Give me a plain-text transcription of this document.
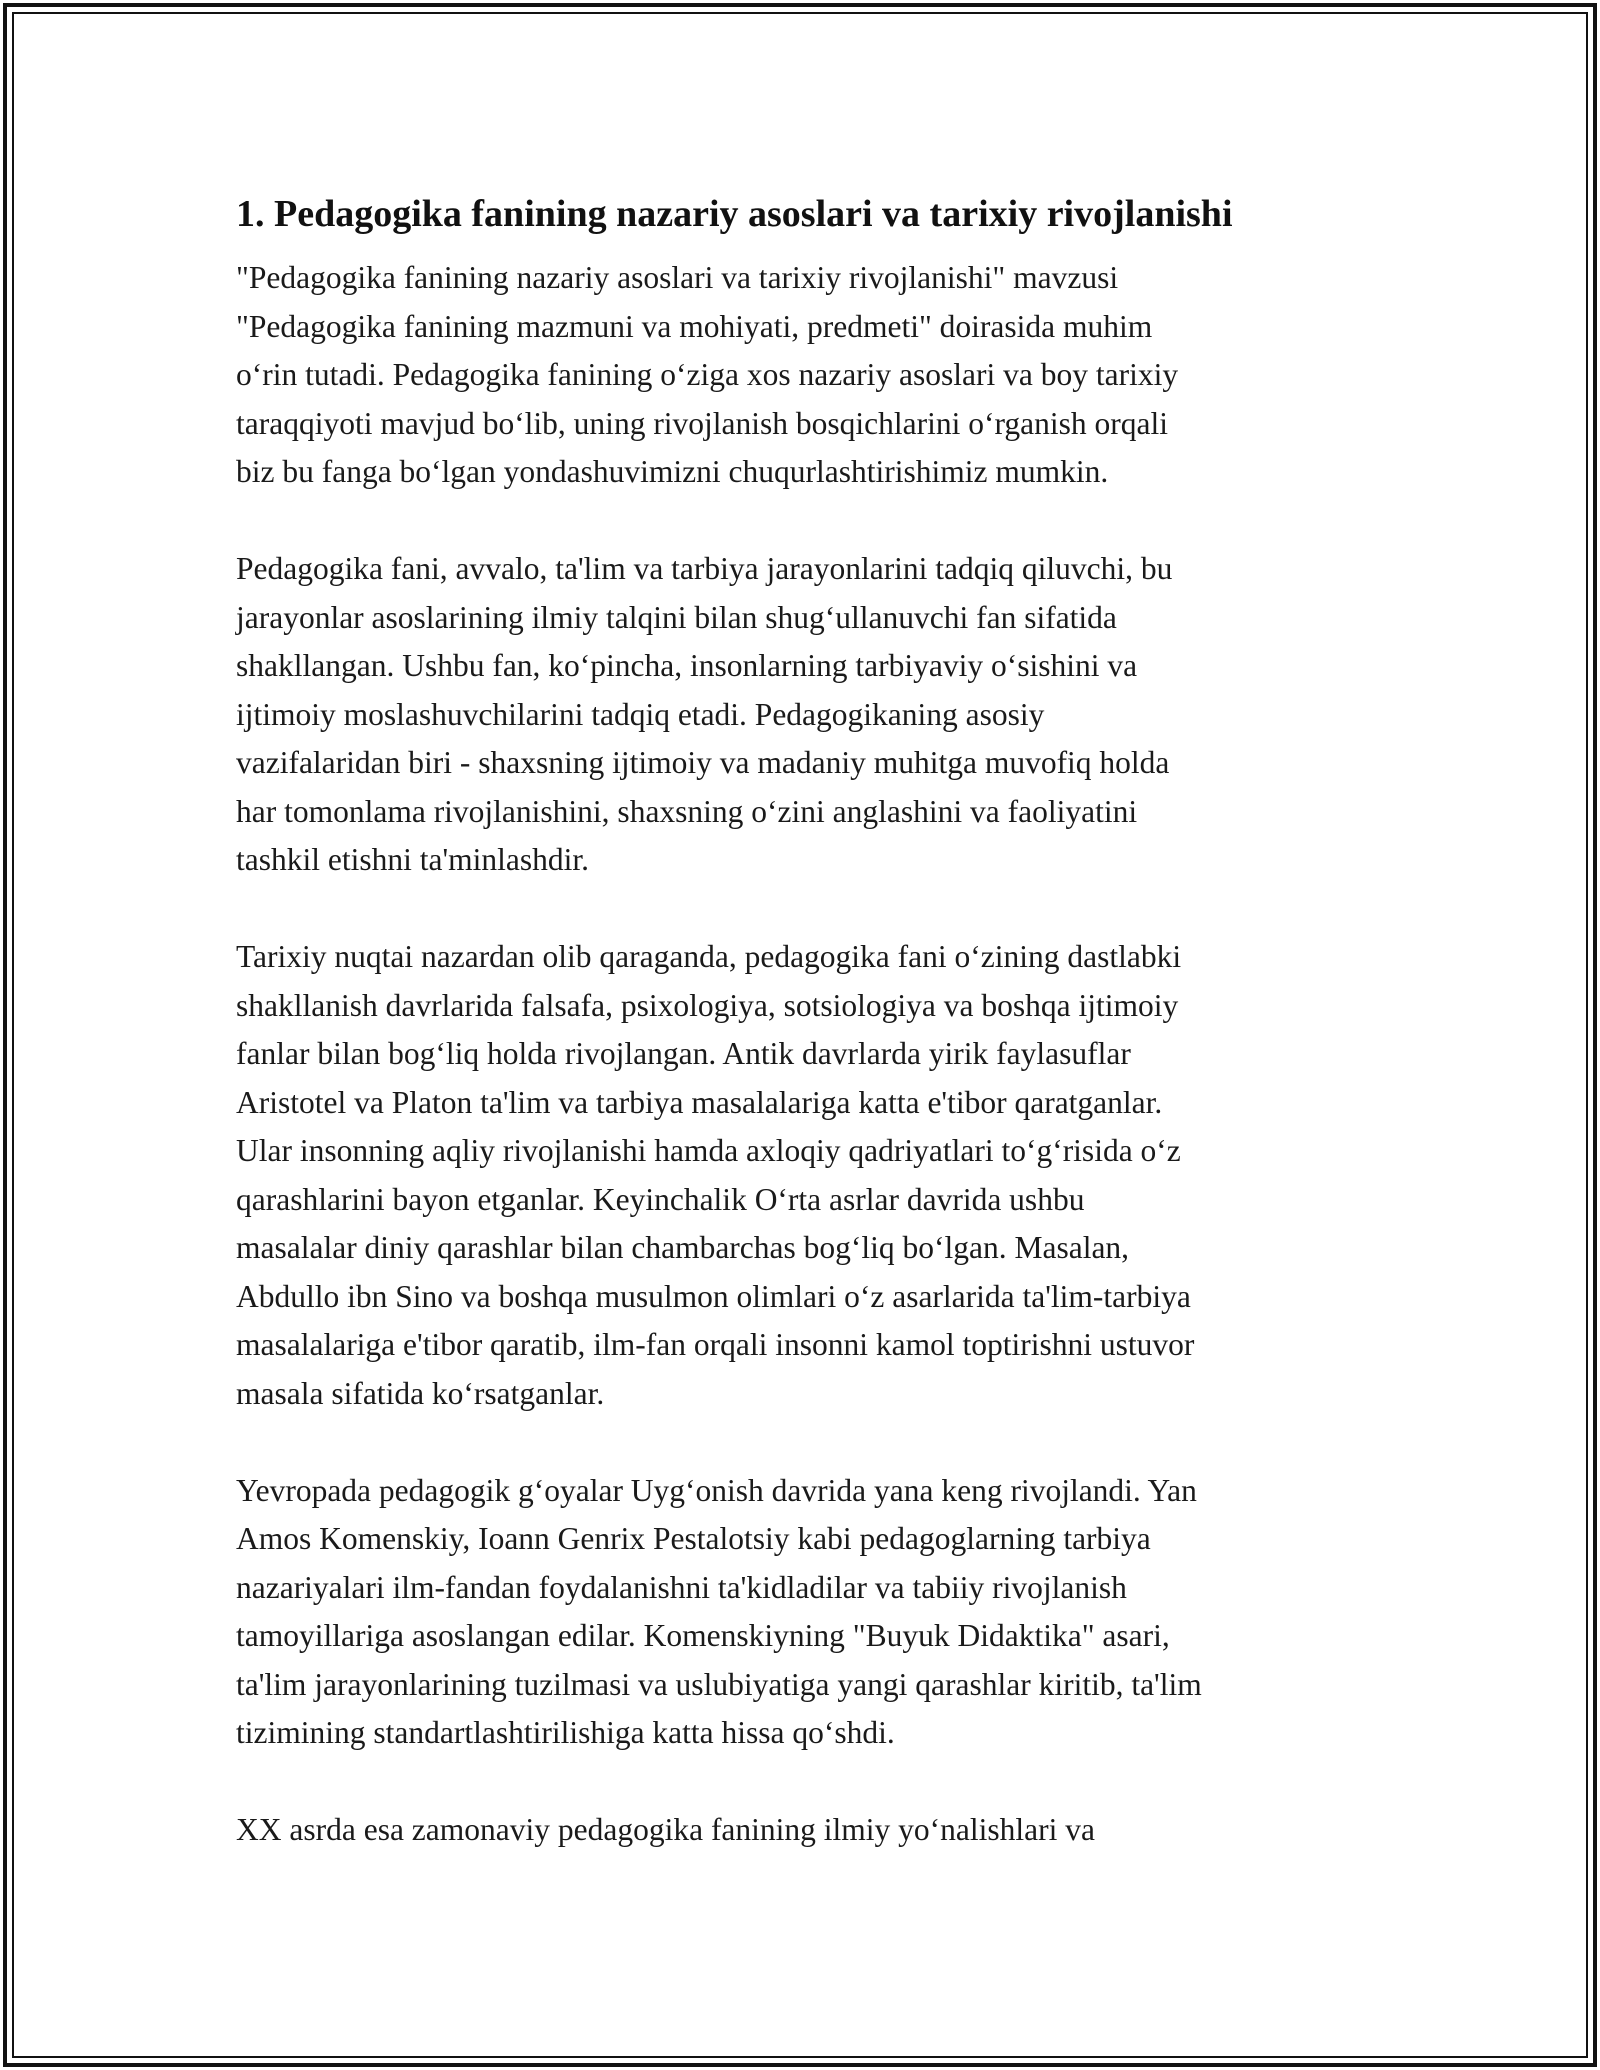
1. Pedagogika fanining nazariy asoslari va tarixiy rivojlanishi

"Pedagogika fanining nazariy asoslari va tarixiy rivojlanishi" mavzusi
"Pedagogika fanining mazmuni va mohiyati, predmeti" doirasida muhim
o‘rin tutadi. Pedagogika fanining o‘ziga xos nazariy asoslari va boy tarixiy
taraqqiyoti mavjud bo‘lib, uning rivojlanish bosqichlarini o‘rganish orqali
biz bu fanga bo‘lgan yondashuvimizni chuqurlashtirishimiz mumkin.

Pedagogika fani, avvalo, ta'lim va tarbiya jarayonlarini tadqiq qiluvchi, bu
jarayonlar asoslarining ilmiy talqini bilan shug‘ullanuvchi fan sifatida
shakllangan. Ushbu fan, ko‘pincha, insonlarning tarbiyaviy o‘sishini va
ijtimoiy moslashuvchilarini tadqiq etadi. Pedagogikaning asosiy
vazifalaridan biri - shaxsning ijtimoiy va madaniy muhitga muvofiq holda
har tomonlama rivojlanishini, shaxsning o‘zini anglashini va faoliyatini
tashkil etishni ta'minlashdir.

Tarixiy nuqtai nazardan olib qaraganda, pedagogika fani o‘zining dastlabki
shakllanish davrlarida falsafa, psixologiya, sotsiologiya va boshqa ijtimoiy
fanlar bilan bog‘liq holda rivojlangan. Antik davrlarda yirik faylasuflar
Aristotel va Platon ta'lim va tarbiya masalalariga katta e'tibor qaratganlar.
Ular insonning aqliy rivojlanishi hamda axloqiy qadriyatlari to‘g‘risida o‘z
qarashlarini bayon etganlar. Keyinchalik O‘rta asrlar davrida ushbu
masalalar diniy qarashlar bilan chambarchas bog‘liq bo‘lgan. Masalan,
Abdullo ibn Sino va boshqa musulmon olimlari o‘z asarlarida ta'lim-tarbiya
masalalariga e'tibor qaratib, ilm-fan orqali insonni kamol toptirishni ustuvor
masala sifatida ko‘rsatganlar.

Yevropada pedagogik g‘oyalar Uyg‘onish davrida yana keng rivojlandi. Yan
Amos Komenskiy, Ioann Genrix Pestalotsiy kabi pedagoglarning tarbiya
nazariyalari ilm-fandan foydalanishni ta'kidladilar va tabiiy rivojlanish
tamoyillariga asoslangan edilar. Komenskiyning "Buyuk Didaktika" asari,
ta'lim jarayonlarining tuzilmasi va uslubiyatiga yangi qarashlar kiritib, ta'lim
tizimining standartlashtirilishiga katta hissa qo‘shdi.

XX asrda esa zamonaviy pedagogika fanining ilmiy yo‘nalishlari va
